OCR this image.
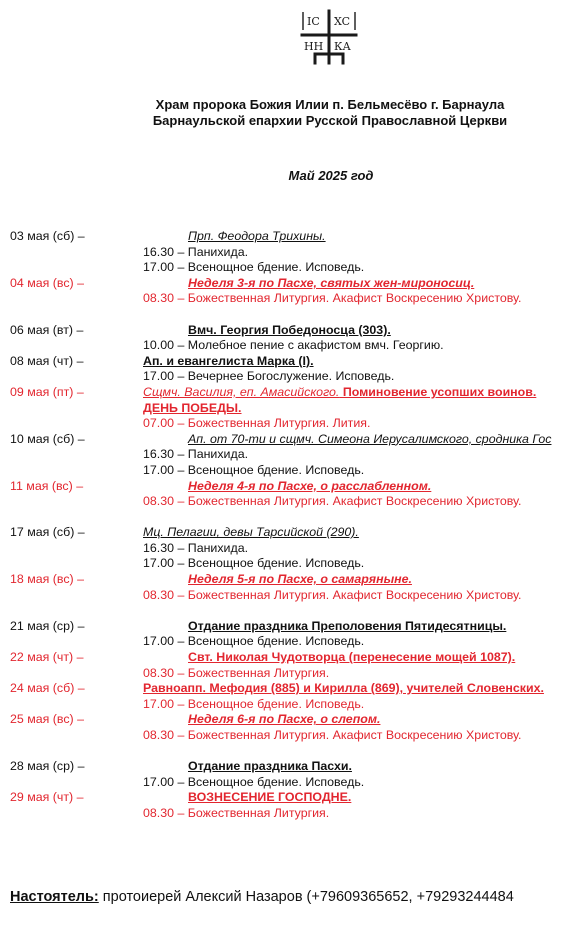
IC XC
НН КА
Храм пророка Божия Илии п. Бельмесёво г. Барнаула
Барнаульской епархии Русской Православной Церкви
Май 2025 год
03 мая (сб) –	Прп. Феодора Трихины.
16.30 – Панихида.
17.00 – Всенощное бдение. Исповедь.
04 мая (вс) –	Неделя 3-я по Пасхе, святых жен-мироносиц.
08.30 – Божественная Литургия. Акафист Воскресению Христову.
06 мая (вт) –	Вмч. Георгия Победоносца (303).
10.00 – Молебное пение с акафистом вмч. Георгию.
08 мая (чт) –	Ап. и евангелиста Марка (I).
17.00 – Вечернее Богослужение. Исповедь.
09 мая (пт) –	Сщмч. Василия, еп. Амасийского. Поминовение усопших воинов.
ДЕНЬ ПОБЕДЫ.
07.00 – Божественная Литургия. Лития.
10 мая (сб) –	Ап. от 70-ти и сщмч. Симеона Иерусалимского, сродника Гос
16.30 – Панихида.
17.00 – Всенощное бдение. Исповедь.
11 мая (вс) –	Неделя 4-я по Пасхе, о расслабленном.
08.30 – Божественная Литургия. Акафист Воскресению Христову.
17 мая (сб) –	Мц. Пелагии, девы Тарсийской (290).
16.30 – Панихида.
17.00 – Всенощное бдение. Исповедь.
18 мая (вс) –	Неделя 5-я по Пасхе, о самаряныне.
08.30 – Божественная Литургия. Акафист Воскресению Христову.
21 мая (ср) –	Отдание праздника Преполовения Пятидесятницы.
17.00 – Всенощное бдение. Исповедь.
22 мая (чт) –	Свт. Николая Чудотворца (перенесение мощей 1087).
08.30 – Божественная Литургия.
24 мая (сб) –	Равноапп. Мефодия (885) и Кирилла (869), учителей Словенских.
17.00 – Всенощное бдение. Исповедь.
25 мая (вс) –	Неделя 6-я по Пасхе, о слепом.
08.30 – Божественная Литургия. Акафист Воскресению Христову.
28 мая (ср) –	Отдание праздника Пасхи.
17.00 – Всенощное бдение. Исповедь.
29 мая (чт) –	ВОЗНЕСЕНИЕ ГОСПОДНЕ.
08.30 – Божественная Литургия.
Настоятель: протоиерей Алексий Назаров (+79609365652, +79293244484
